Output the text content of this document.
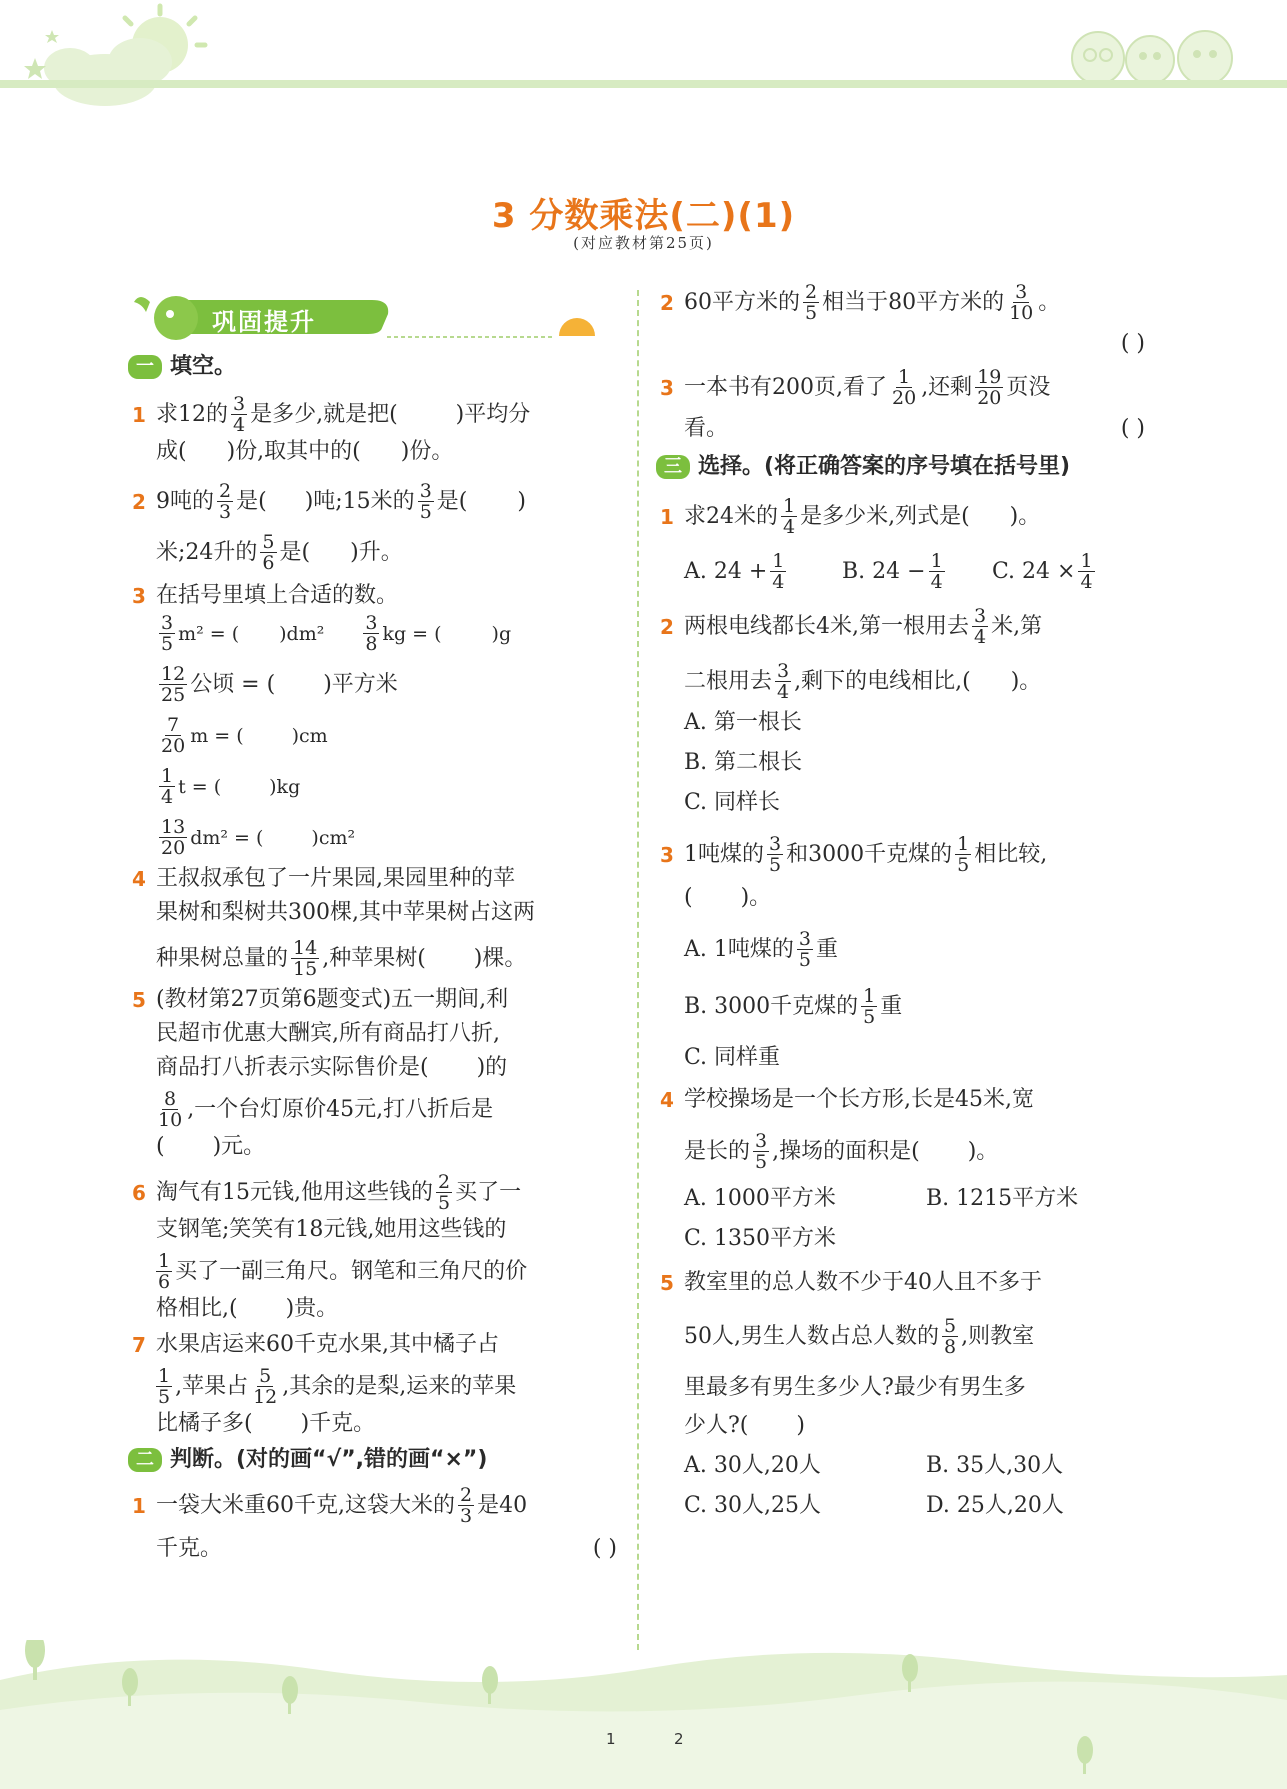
3 分数乘法(二)(1)
(对应教材第25页)
巩固提升
一 填空。
1 求12的 $\frac{3}{4}$ 是多少,就是把(	)平均分
成( )份,取其中的( )份。
2 9吨的 $\frac{2}{3}$ 是( )吨;15米的 $\frac{3}{5}$ 是( )
米;24升的 $\frac{5}{6}$ 是( )升。
3 在括号里填上合适的数。
$\frac{3}{5} m^2$ = ( )$dm^2 \frac{3}{8}$ kg = (	)g
$\frac{12}{25}$ 公顷 = ( )平方米
$\frac{7}{20}$ m = (	)cm
$\frac{1}{4}$ t = (	)kg
$\frac{13}{20} dm^2$ = (	)cm²
4 王叔叔承包了一片果园,果园里种的苹
果树和梨树共300棵,其中苹果树占这两
种果树总量的 $\frac{14}{15}$ ,种苹果树( )棵。
5 (教材第27页第6题变式)五一期间,利
民超市优惠大酬宾,所有商品打八折,
商品打八折表示实际售价是( )的
$\frac{8}{10}$ ,一个台灯原价45元,打八折后是
( )元。
6 淘气有15元钱,他用这些钱的 $\frac{2}{5}$ 买了一
支钢笔;笑笑有18元钱,她用这些钱的
$\frac{1}{6}$ 买了一副三角尺。钢笔和三角尺的价
格相比,( )贵。
7 水果店运来60千克水果,其中橘子占
$\frac{1}{5}$ ,苹果占 $\frac{5}{12}$ ,其余的是梨,运来的苹果
比橘子多( )千克。
二 判断。(对的画“√”,错的画“×”)
1 一袋大米重60千克,这袋大米的 $\frac{2}{3}$ 是40
千克。	( )
2 60平方米的 $\frac{2}{5}$ 相当于80平方米的 $\frac{3}{10}$ 。
( )
3 一本书有200页,看了 $\frac{1}{20}$ ,还剩 $\frac{19}{20}$ 页没
看。	( )
三 选择。(将正确答案的序号填在括号里)
1 求24米的 $\frac{1}{4}$ 是多少米,列式是( )。
A. $24 + \frac{1}{4}$	B. $24 - \frac{1}{4} C$. $24 \times \frac{1}{4}$
2 两根电线都长4米,第一根用去 $\frac{3}{4}$ 米,第
二根用去 $\frac{3}{4}$ ,剩下的电线相比,( )。
A. 第一根长
B. 第二根长
C. 同样长
3 1吨煤的 $\frac{3}{5}$ 和3000千克煤的 $\frac{1}{5}$ 相比较,
( )。
A. 1吨煤的 $\frac{3}{5}$ 重
B. 3000千克煤的 $\frac{1}{5}$ 重
C. 同样重
4 学校操场是一个长方形,长是45米,宽
是长的 $\frac{3}{5}$ ,操场的面积是( )。
A. 1000平方米	B. 1215平方米
C. 1350平方米
5 教室里的总人数不少于40人且不多于
50人,男生人数占总人数的 $\frac{5}{8}$ ,则教室
里最多有男生多少人?最少有男生多
少人?( )
A. 30人,20人	B. 35人,30人
C. 30人,25人	D. 25人,20人
1	2
